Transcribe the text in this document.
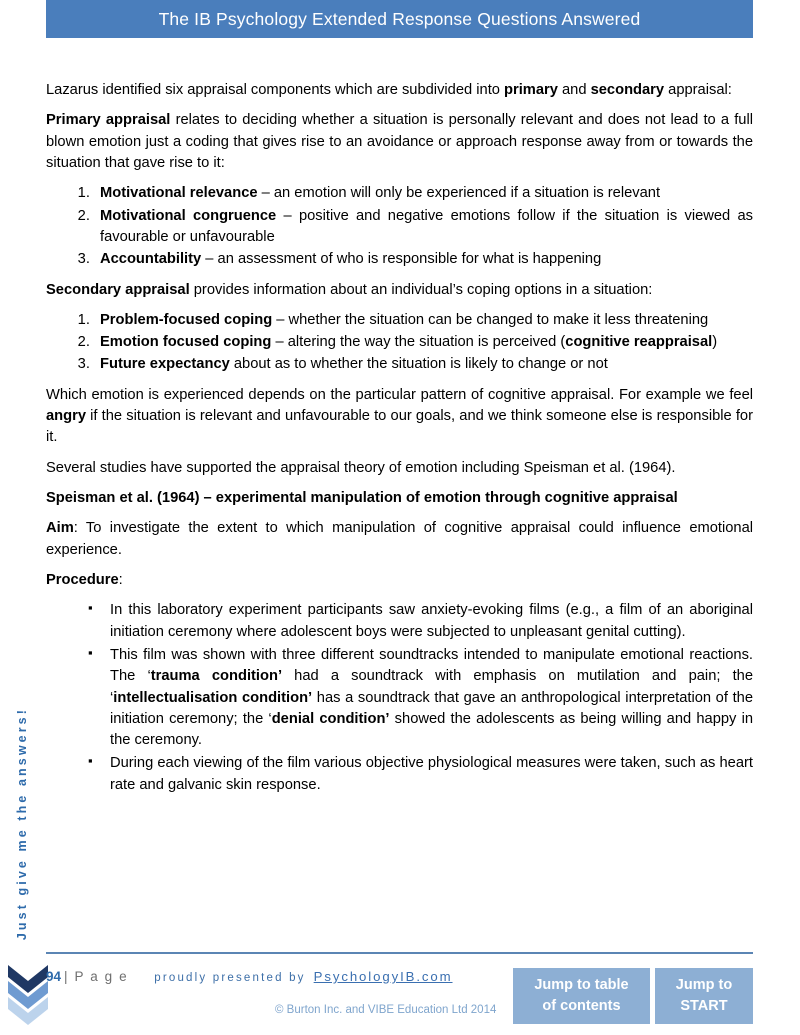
The IB Psychology Extended Response Questions Answered

Lazarus identified six appraisal components which are subdivided into primary and secondary appraisal:

Primary appraisal relates to deciding whether a situation is personally relevant and does not lead to a full blown emotion just a coding that gives rise to an avoidance or approach response away from or towards the situation that gave rise to it:

1. Motivational relevance – an emotion will only be experienced if a situation is relevant
2. Motivational congruence – positive and negative emotions follow if the situation is viewed as favourable or unfavourable
3. Accountability – an assessment of who is responsible for what is happening

Secondary appraisal provides information about an individual’s coping options in a situation:

1. Problem-focused coping – whether the situation can be changed to make it less threatening
2. Emotion focused coping – altering the way the situation is perceived (cognitive reappraisal)
3. Future expectancy about as to whether the situation is likely to change or not

Which emotion is experienced depends on the particular pattern of cognitive appraisal. For example we feel angry if the situation is relevant and unfavourable to our goals, and we think someone else is responsible for it.

Several studies have supported the appraisal theory of emotion including Speisman et al. (1964).

Speisman et al. (1964) – experimental manipulation of emotion through cognitive appraisal

Aim: To investigate the extent to which manipulation of cognitive appraisal could influence emotional experience.

Procedure:

▪ In this laboratory experiment participants saw anxiety-evoking films (e.g., a film of an aboriginal initiation ceremony where adolescent boys were subjected to unpleasant genital cutting).
▪ This film was shown with three different soundtracks intended to manipulate emotional reactions. The ‘trauma condition’ had a soundtrack with emphasis on mutilation and pain; the ‘intellectualisation condition’ has a soundtrack that gave an anthropological interpretation of the initiation ceremony; the ‘denial condition’ showed the adolescents as being willing and happy in the ceremony.
▪ During each viewing of the film various objective physiological measures were taken, such as heart rate and galvanic skin response.
Just give me the answers!
94 | P a g e proudly presented by PsychologyIB.com
© Burton Inc. and VIBE Education Ltd 2014
Jump to table
of contents
Jump to
START
